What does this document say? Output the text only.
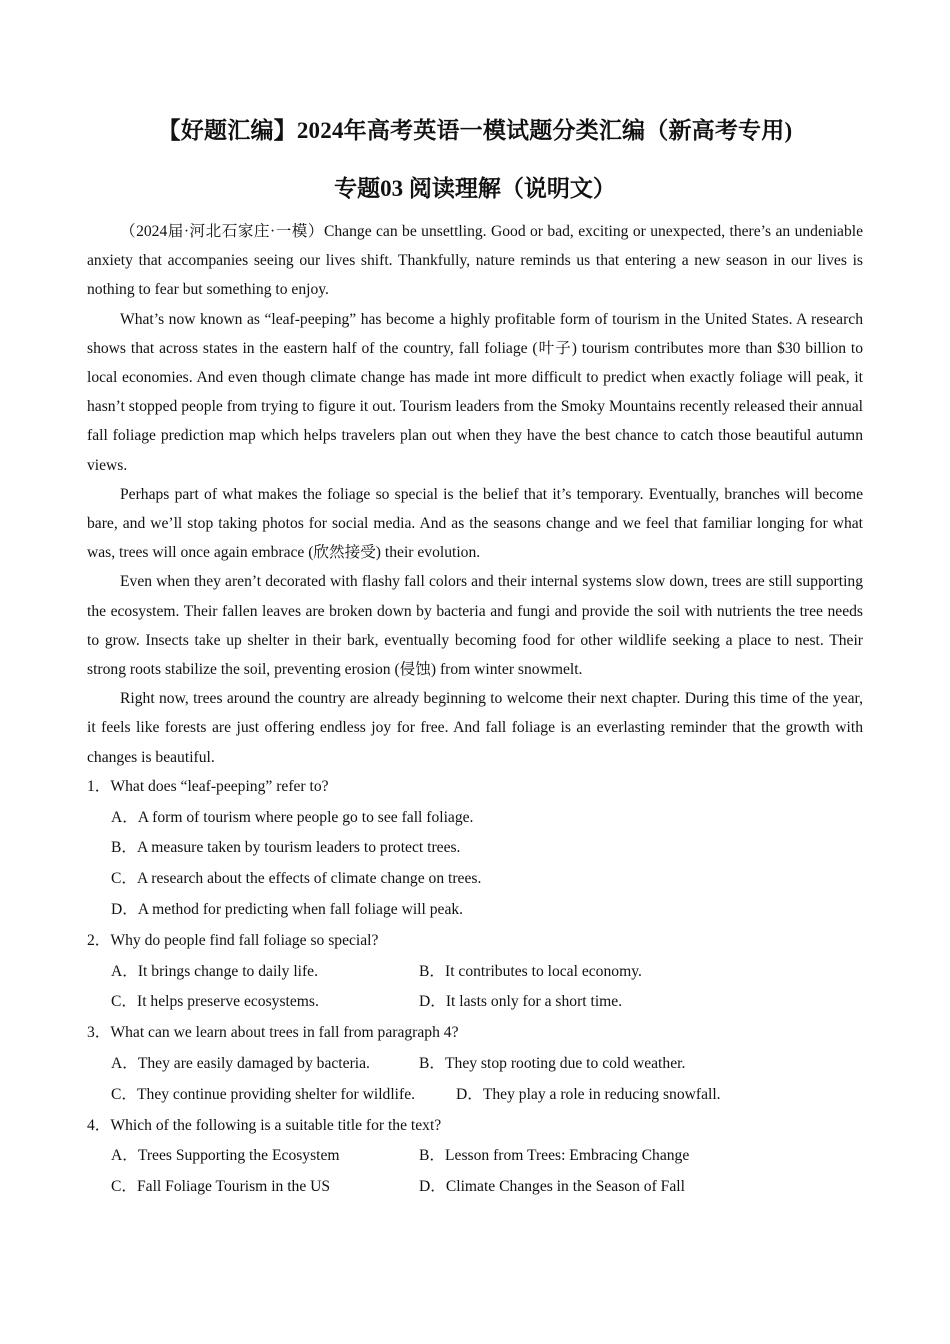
【好题汇编】2024年高考英语一模试题分类汇编（新高考专用)
专题03 阅读理解（说明文）

（2024届·河北石家庄·一模）Change can be unsettling. Good or bad, exciting or unexpected, there’s an undeniable anxiety that accompanies seeing our lives shift. Thankfully, nature reminds us that entering a new season in our lives is nothing to fear but something to enjoy.

What’s now known as “leaf-peeping” has become a highly profitable form of tourism in the United States. A research shows that across states in the eastern half of the country, fall foliage (叶子) tourism contributes more than $30 billion to local economies. And even though climate change has made int more difficult to predict when exactly foliage will peak, it hasn’t stopped people from trying to figure it out. Tourism leaders from the Smoky Mountains recently released their annual fall foliage prediction map which helps travelers plan out when they have the best chance to catch those beautiful autumn views.

Perhaps part of what makes the foliage so special is the belief that it’s temporary. Eventually, branches will become bare, and we’ll stop taking photos for social media. And as the seasons change and we feel that familiar longing for what was, trees will once again embrace (欣然接受) their evolution.

Even when they aren’t decorated with flashy fall colors and their internal systems slow down, trees are still supporting the ecosystem. Their fallen leaves are broken down by bacteria and fungi and provide the soil with nutrients the tree needs to grow. Insects take up shelter in their bark, eventually becoming food for other wildlife seeking a place to nest. Their strong roots stabilize the soil, preventing erosion (侵蚀) from winter snowmelt.

Right now, trees around the country are already beginning to welcome their next chapter. During this time of the year, it feels like forests are just offering endless joy for free. And fall foliage is an everlasting reminder that the growth with changes is beautiful.

1．What does “leaf-peeping” refer to?

A．A form of tourism where people go to see fall foliage.
B．A measure taken by tourism leaders to protect trees.
C．A research about the effects of climate change on trees.
D．A method for predicting when fall foliage will peak.

2．Why do people find fall foliage so special?

A．It brings change to daily life.	B．It contributes to local economy.
C．It helps preserve ecosystems.	D．It lasts only for a short time.

3．What can we learn about trees in fall from paragraph 4?

A．They are easily damaged by bacteria.	B．They stop rooting due to cold weather.
C．They continue providing shelter for wildlife.	D．They play a role in reducing snowfall.

4．Which of the following is a suitable title for the text?

A．Trees Supporting the Ecosystem	B．Lesson from Trees: Embracing Change
C．Fall Foliage Tourism in the US	D．Climate Changes in the Season of Fall
